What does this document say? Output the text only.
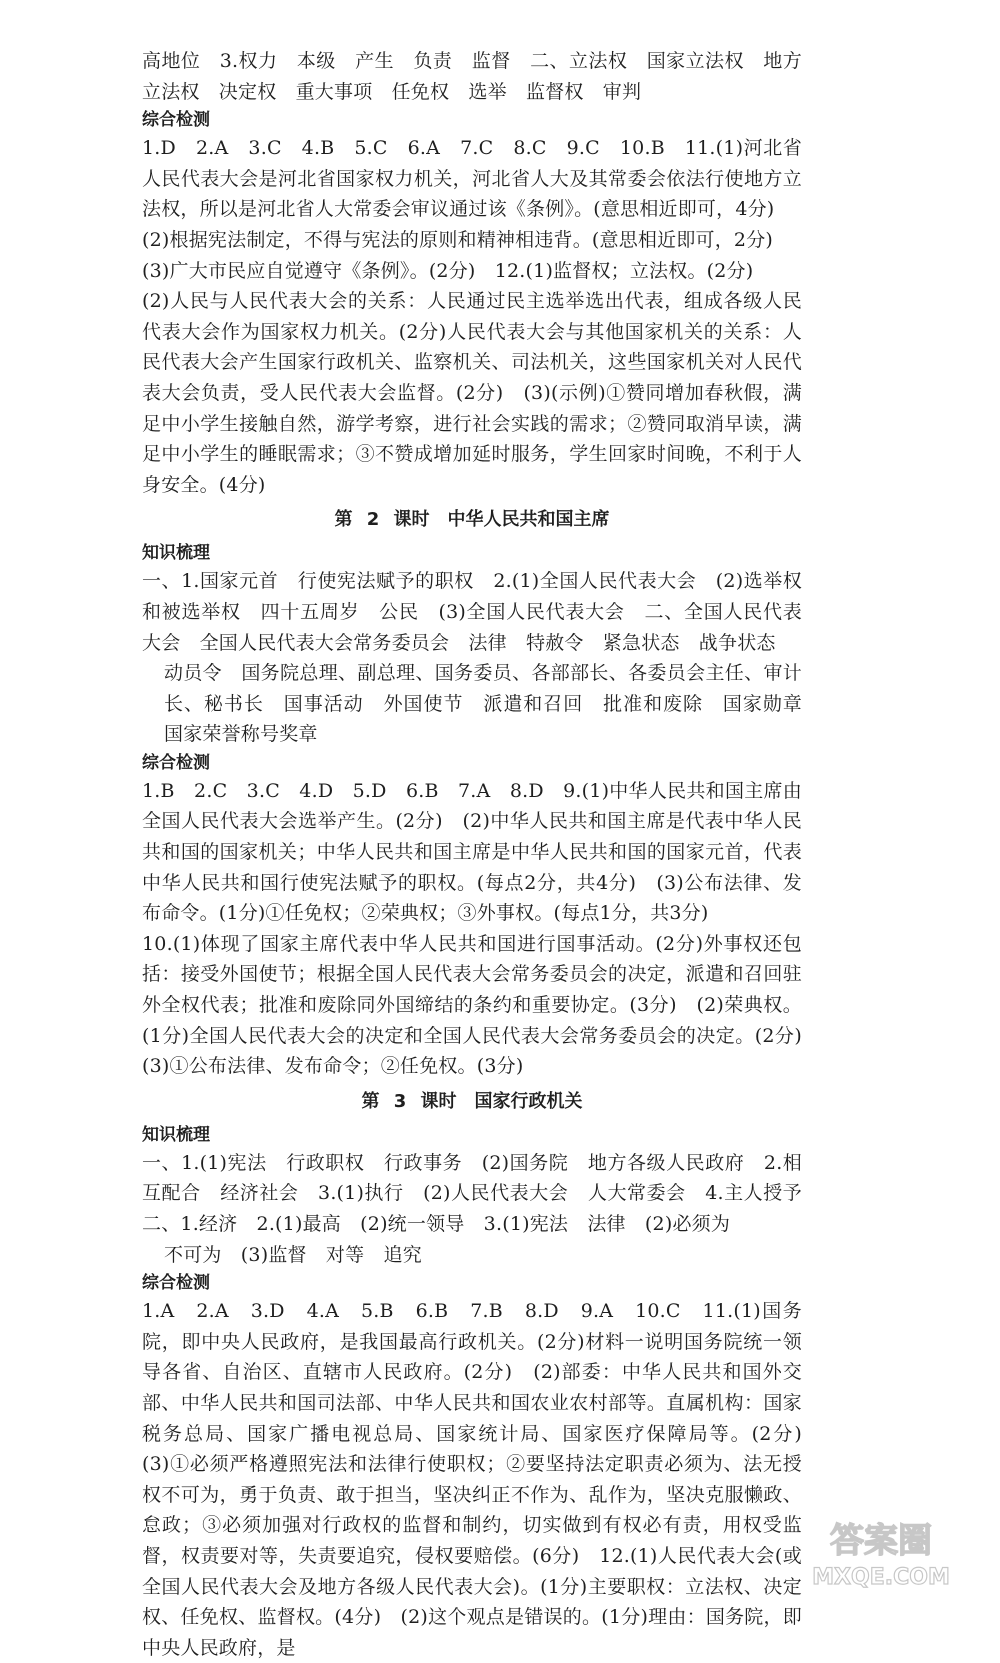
高地位　3.权力　本级　产生　负责　监督　二、立法权　国家立法权　地方立法权　决定权　重大事项　任免权　选举　监督权　审判

综合检测

1.D　2.A　3.C　4.B　5.C　6.A　7.C　8.C　9.C　10.B　11.(1)河北省人民代表大会是河北省国家权力机关，河北省人大及其常委会依法行使地方立法权，所以是河北省人大常委会审议通过该《条例》。(意思相近即可，4分)

(2)根据宪法制定，不得与宪法的原则和精神相违背。(意思相近即可，2分)

(3)广大市民应自觉遵守《条例》。(2分)　12.(1)监督权；立法权。(2分)

(2)人民与人民代表大会的关系：人民通过民主选举选出代表，组成各级人民代表大会作为国家权力机关。(2分)人民代表大会与其他国家机关的关系：人民代表大会产生国家行政机关、监察机关、司法机关，这些国家机关对人民代表大会负责，受人民代表大会监督。(2分)　(3)(示例)①赞同增加春秋假，满足中小学生接触自然，游学考察，进行社会实践的需求；②赞同取消早读，满足中小学生的睡眠需求；③不赞成增加延时服务，学生回家时间晚，不利于人身安全。(4分)

第 2 课时　中华人民共和国主席
知识梳理

一、1.国家元首　行使宪法赋予的职权　2.(1)全国人民代表大会　(2)选举权和被选举权　四十五周岁　公民　(3)全国人民代表大会　二、全国人民代表大会　全国人民代表大会常务委员会　法律　特赦令　紧急状态　战争状态

动员令　国务院总理、副总理、国务委员、各部部长、各委员会主任、审计长、秘书长　国事活动　外国使节　派遣和召回　批准和废除　国家勋章　国家荣誉称号奖章

综合检测

1.B　2.C　3.C　4.D　5.D　6.B　7.A　8.D　9.(1)中华人民共和国主席由全国人民代表大会选举产生。(2分)　(2)中华人民共和国主席是代表中华人民共和国的国家机关；中华人民共和国主席是中华人民共和国的国家元首，代表中华人民共和国行使宪法赋予的职权。(每点2分，共4分)　(3)公布法律、发布命令。(1分)①任免权；②荣典权；③外事权。(每点1分，共3分)

10.(1)体现了国家主席代表中华人民共和国进行国事活动。(2分)外事权还包括：接受外国使节；根据全国人民代表大会常务委员会的决定，派遣和召回驻外全权代表；批准和废除同外国缔结的条约和重要协定。(3分)　(2)荣典权。(1分)全国人民代表大会的决定和全国人民代表大会常务委员会的决定。(2分)　(3)①公布法律、发布命令；②任免权。(3分)

第 3 课时　国家行政机关
知识梳理

一、1.(1)宪法　行政职权　行政事务　(2)国务院　地方各级人民政府　2.相互配合　经济社会　3.(1)执行　(2)人民代表大会　人大常委会　4.主人授予　二、1.经济　2.(1)最高　(2)统一领导　3.(1)宪法　法律　(2)必须为

不可为　(3)监督　对等　追究

综合检测

1.A　2.A　3.D　4.A　5.B　6.B　7.B　8.D　9.A　10.C　11.(1)国务院，即中央人民政府，是我国最高行政机关。(2分)材料一说明国务院统一领导各省、自治区、直辖市人民政府。(2分)　(2)部委：中华人民共和国外交部、中华人民共和国司法部、中华人民共和国农业农村部等。直属机构：国家税务总局、国家广播电视总局、国家统计局、国家医疗保障局等。(2分)　(3)①必须严格遵照宪法和法律行使职权；②要坚持法定职责必须为、法无授权不可为，勇于负责、敢于担当，坚决纠正不作为、乱作为，坚决克服懒政、怠政；③必须加强对行政权的监督和制约，切实做到有权必有责，用权受监督，权责要对等，失责要追究，侵权要赔偿。(6分)　12.(1)人民代表大会(或全国人民代表大会及地方各级人民代表大会)。(1分)主要职权：立法权、决定权、任免权、监督权。(4分)　(2)这个观点是错误的。(1分)理由：国务院，即中央人民政府，是

答案圈
MXQE.COM
